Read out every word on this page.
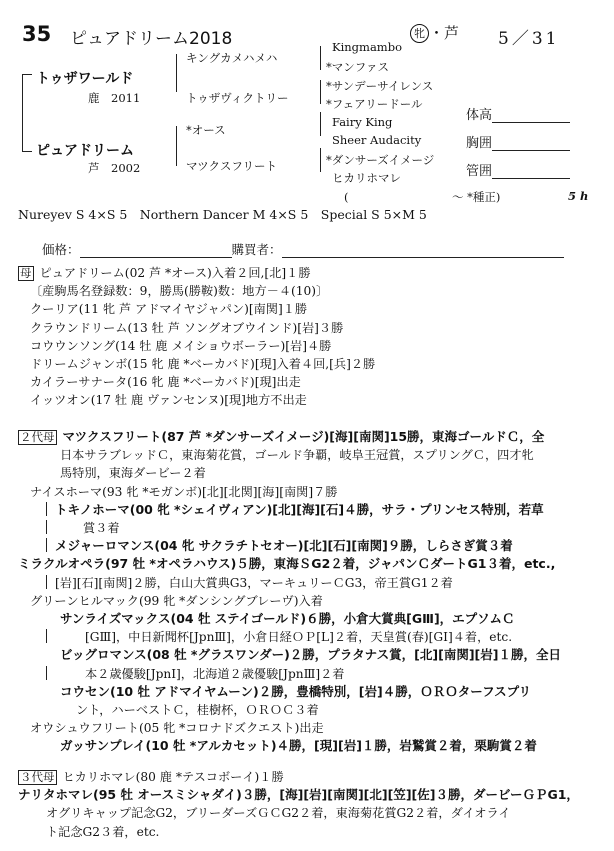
35 ピュアドリーム2018	牝 ・芦 5／31
トゥザワールド
鹿　2011
ピュアドリーム
芦　2002
キングカメハメハ
トゥザヴィクトリー
*オース
マツクスフリート
Kingmambo
*マンファス
*サンデーサイレンス
*フェアリードール
Fairy King
Sheer Audacity
*ダンサーズイメージ
ヒカリホマレ
(　　　　　　　　　～ *種正)	5 h
体高
胸囲
管囲
Nureyev S 4×S 5　Northern Dancer M 4×S 5　Special S 5×M 5
価格：	購買者：
母 ピュアドリーム(02 芦 *オース)入着２回,[北]１勝
〔産駒馬名登録数：9，勝馬(勝鞍)数：地方－４(10)〕
クーリア(11 牝 芦 アドマイヤジャパン)[南関]１勝
クラウンドリーム(13 牡 芦 ソングオブウインド)[岩]３勝
コウウンソング(14 牡 鹿 メイショウボーラー)[岩]４勝
ドリームジャンボ(15 牝 鹿 *ベーカバド)[現]入着４回,[兵]２勝
カイラーサナータ(16 牝 鹿 *ベーカバド)[現]出走
イッツオン(17 牡 鹿 ヴァンセンヌ)[現]地方不出走
２代母 マツクスフリート(87 芦 *ダンサーズイメージ)[海][南関]15勝，東海ゴールドＣ，全
日本サラブレッドＣ，東海菊花賞，ゴールド争覇，岐阜王冠賞，スプリングＣ，四才牝
馬特別，東海ダービー２着
ナイスホーマ(93 牝 *モガンボ)[北][北関][海][南関]７勝
トキノホーマ(00 牝 *シェイヴィアン)[北][海][石]４勝，サラ・プリンセス特別，若草
賞３着
メジャーロマンス(04 牝 サクラチトセオー)[北][石][南関]９勝，しらさぎ賞３着
ミラクルオペラ(97 牡 *オペラハウス)５勝，東海ＳG2２着，ジャパンＣダートG1３着，etc.,
[岩][石][南関]２勝，白山大賞典G3，マーキュリーＣG3，帝王賞G1２着
グリーンヒルマック(99 牝 *ダンシングブレーヴ)入着
サンライズマックス(04 牡 ステイゴールド)６勝，小倉大賞典[GⅢ]，エプソムＣ
[GⅢ]，中日新聞杯[JpnⅢ]，小倉日経ＯＰ[L]２着，天皇賞(春)[GⅠ]４着，etc.
ビッグロマンス(08 牡 *グラスワンダー)２勝，プラタナス賞，[北][南関][岩]１勝，全日
本２歳優駿[JpnⅠ]，北海道２歳優駿[JpnⅢ]２着
コウセン(10 牡 アドマイヤムーン)２勝，豊橋特別，[岩]４勝，ＯＲＯターフスプリ
ント，ハーベストＣ，桂樹杯，ＯＲＯＣ３着
オウシュウフリート(05 牝 *コロナドズクエスト)出走
ガッサンプレイ(10 牡 *アルカセット)４勝，[現][岩]１勝，岩鷲賞２着，栗駒賞２着
３代母 ヒカリホマレ(80 鹿 *テスコボーイ)１勝
ナリタホマレ(95 牡 オースミシャダイ)３勝，[海][岩][南関][北][笠][佐]３勝，ダービーＧＰG1，
オグリキャップ記念G2，ブリーダーズＧＣG2２着，東海菊花賞G2２着，ダイオライ
ト記念G2３着，etc.
